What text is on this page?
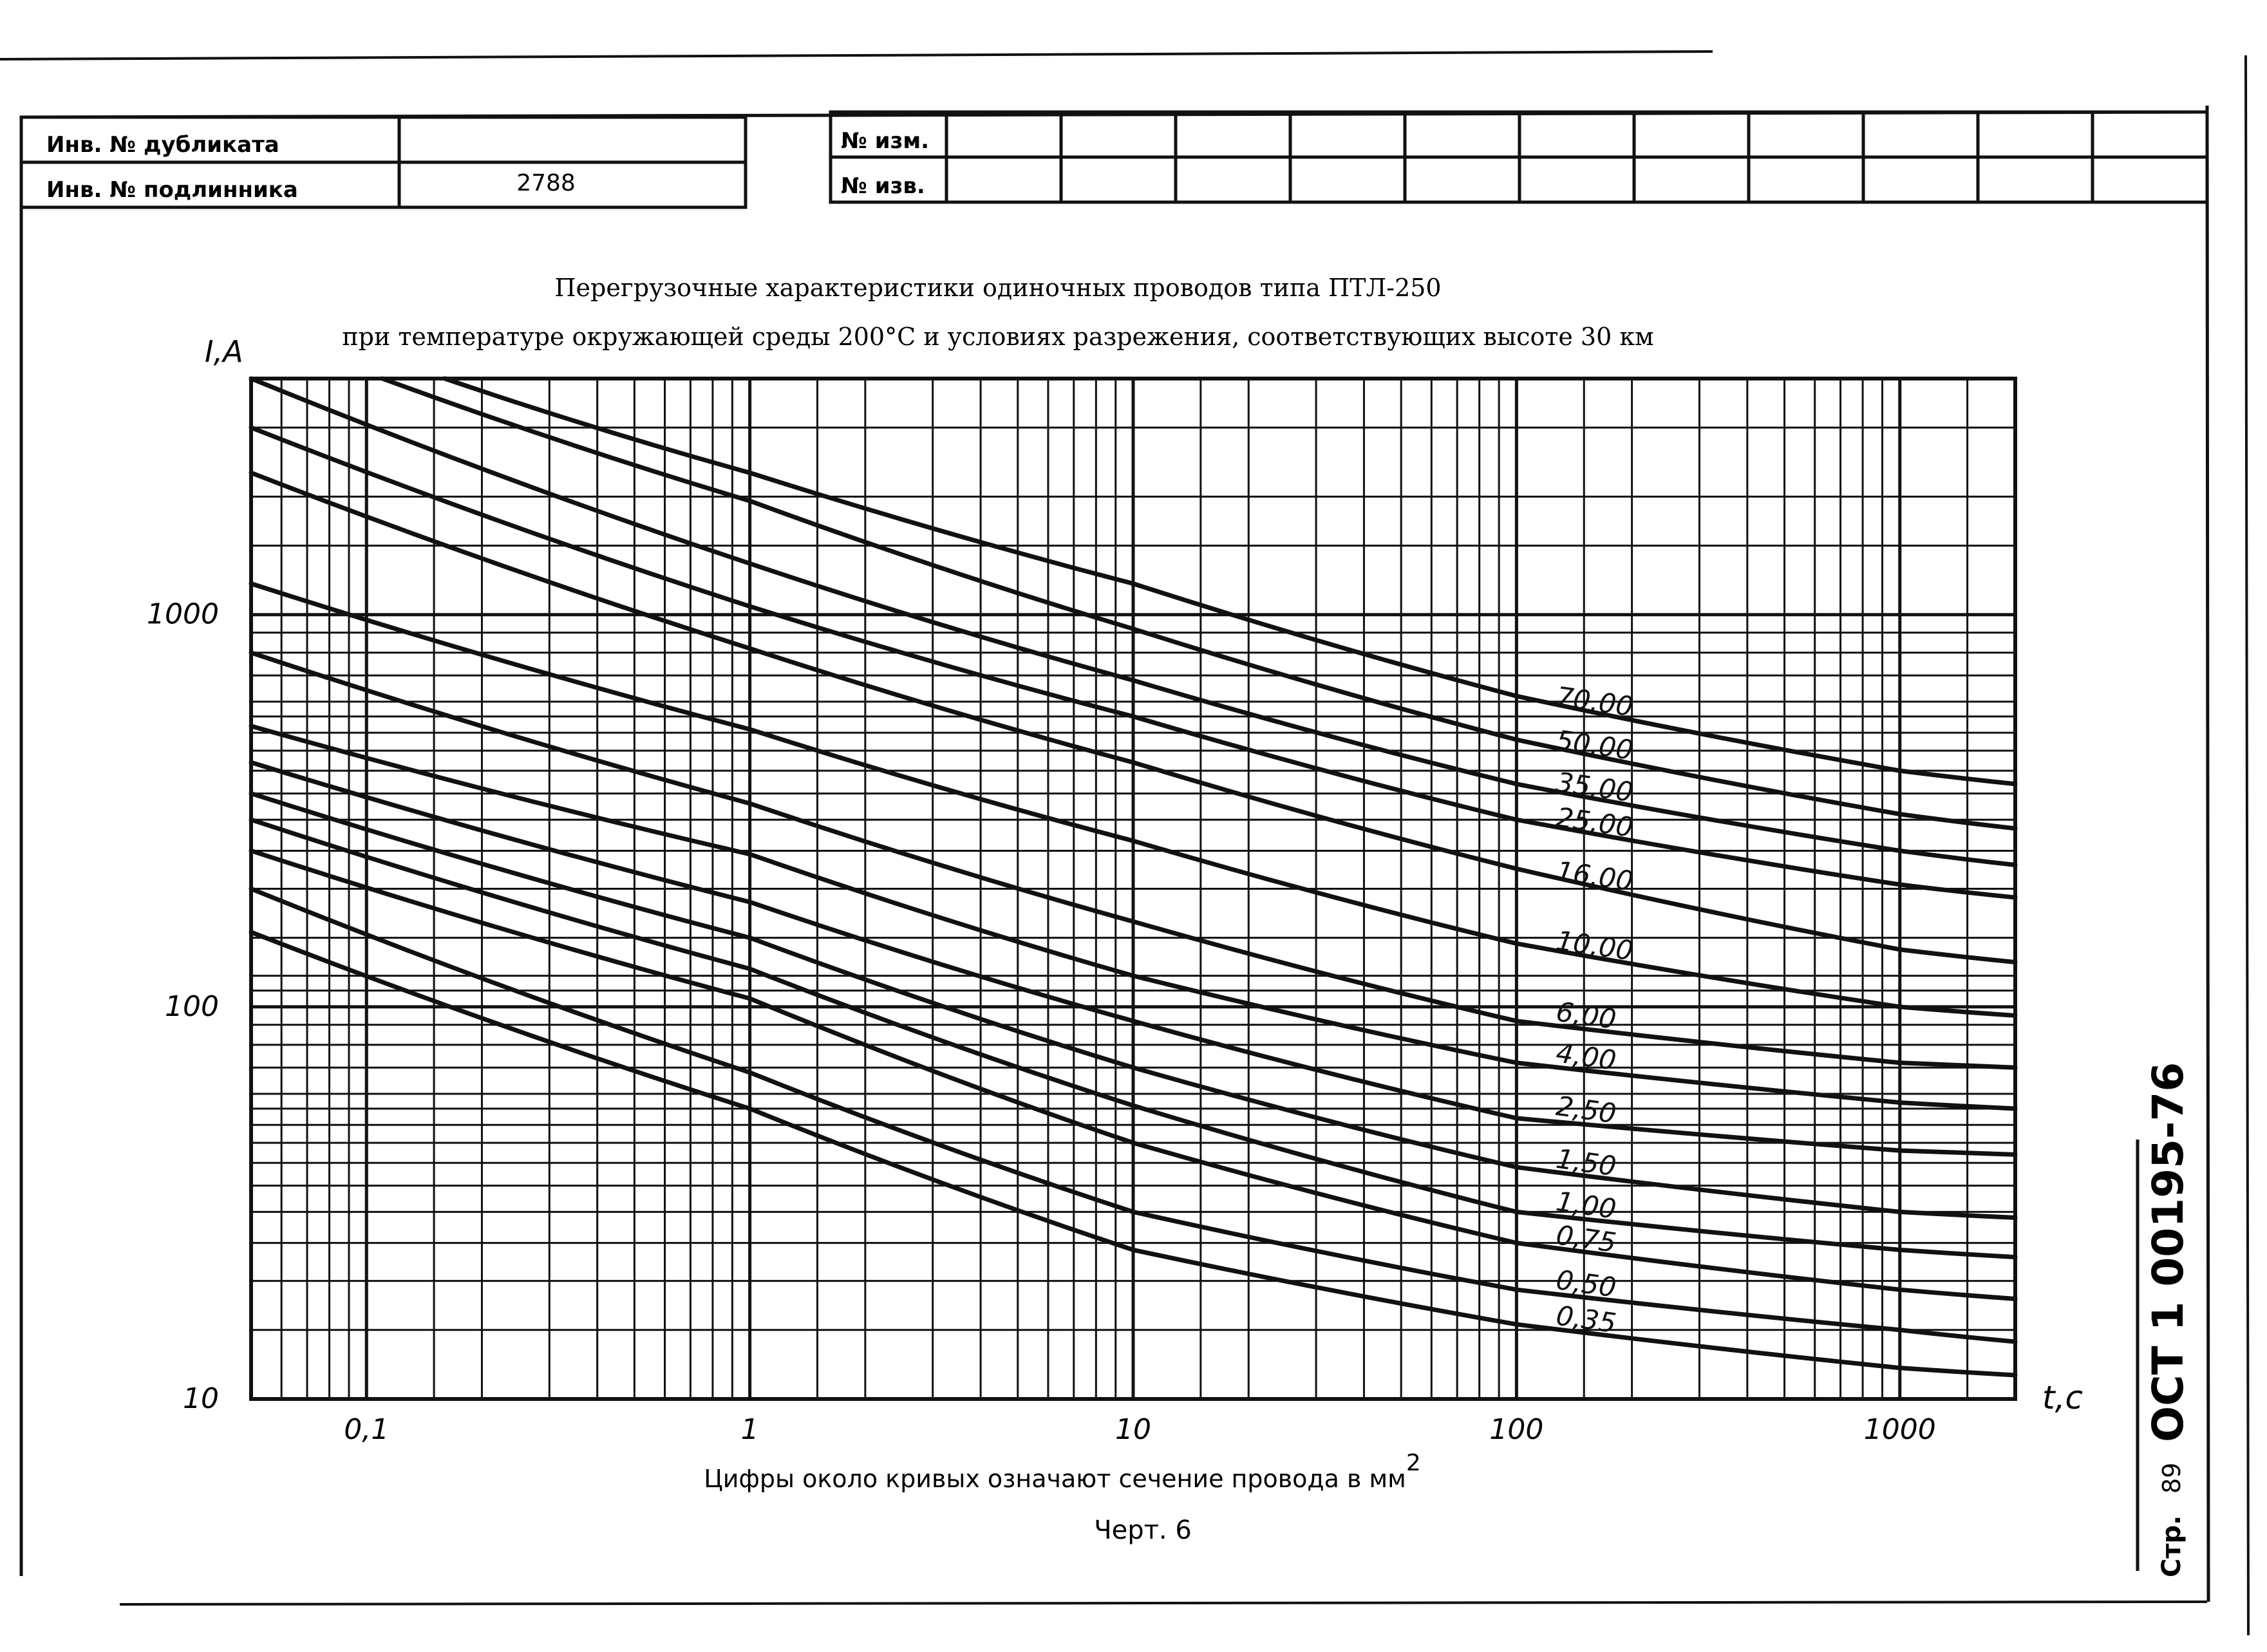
Инв. № дубликата
Инв. № подлинника	2788
№ изм.
№ изв.
Перегрузочные характеристики одиночных проводов типа ПТЛ-250
при температуре окружающей среды 200°С и условиях разрежения, соответствующих высоте 30 км
I,A
t,c
70,00
50,00
35,00
25,00
16,00
10,00
6,00
4,00
2,50
1,50
1,00
0,75
0,50
0,35
0,1	1	10	100	1000
10
100
1000
Цифры около кривых означают сечение провода в мм2
Черт. 6
ОСТ 1 00195-76
Стр.
89
